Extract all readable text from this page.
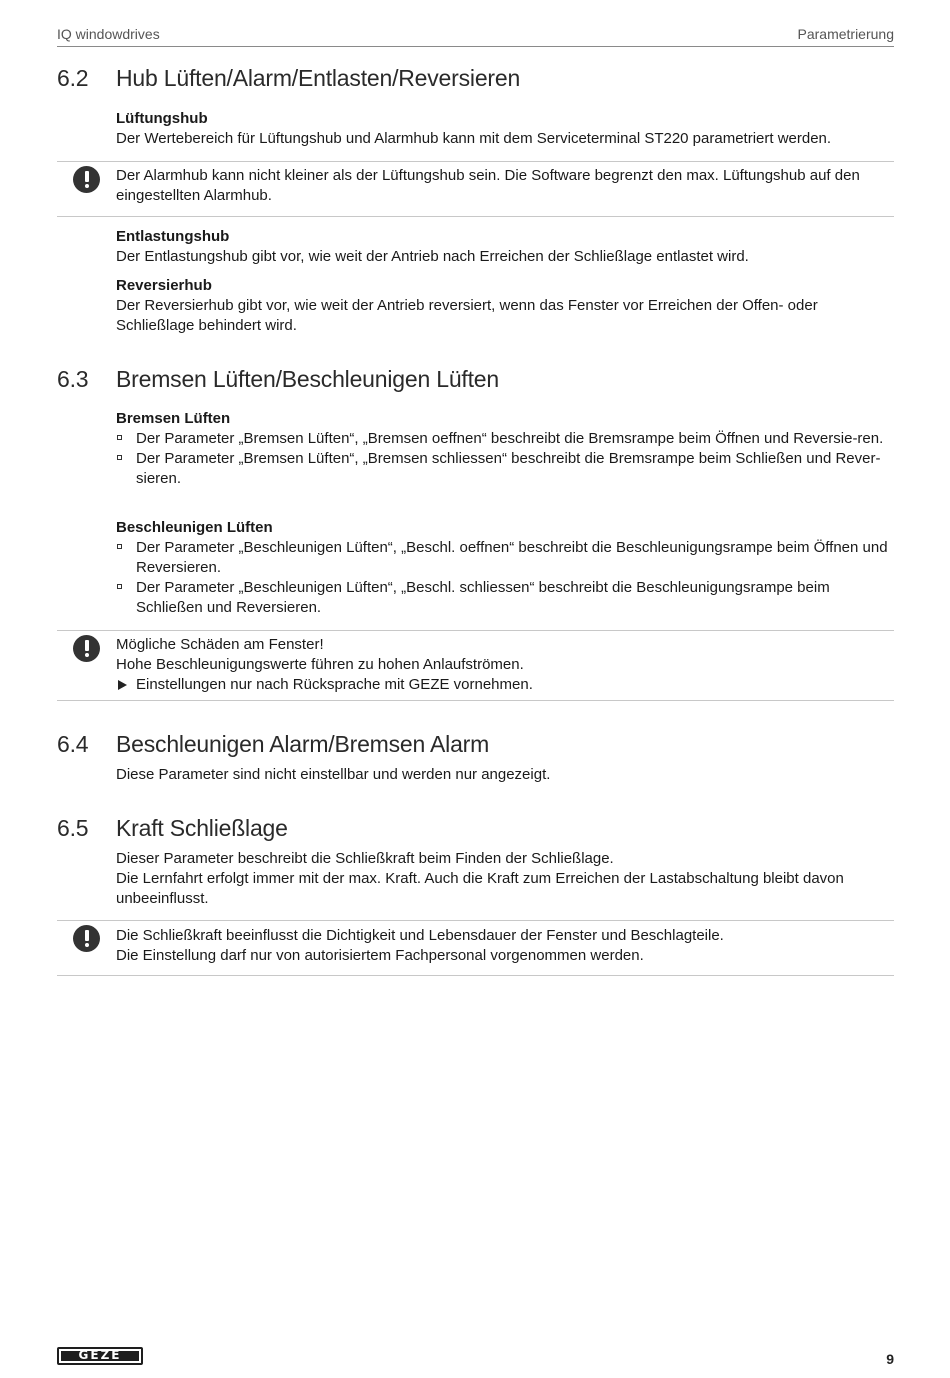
IQ windowdrives	Parametrierung
6.2 Hub Lüften/Alarm/Entlasten/Reversieren

Lüftungshub

Der Wertebereich für Lüftungshub und Alarmhub kann mit dem Serviceterminal ST220 parametriert werden.

Der Alarmhub kann nicht kleiner als der Lüftungshub sein. Die Software begrenzt den max. Lüftungshub auf den eingestellten Alarmhub.

Entlastungshub

Der Entlastungshub gibt vor, wie weit der Antrieb nach Erreichen der Schließlage entlastet wird.

Reversierhub

Der Reversierhub gibt vor, wie weit der Antrieb reversiert, wenn das Fenster vor Erreichen der Offen- oder Schließlage behindert wird.

6.3 Bremsen Lüften/Beschleunigen Lüften

Bremsen Lüften

Der Parameter „Bremsen Lüften“, „Bremsen oeffnen“ beschreibt die Bremsrampe beim Öffnen und Reversie-ren.
Der Parameter „Bremsen Lüften“, „Bremsen schliessen“ beschreibt die Bremsrampe beim Schließen und Rever-sieren.

Beschleunigen Lüften

Der Parameter „Beschleunigen Lüften“, „Beschl. oeffnen“ beschreibt die Beschleunigungsrampe beim Öffnen und Reversieren.
Der Parameter „Beschleunigen Lüften“, „Beschl. schliessen“ beschreibt die Beschleunigungsrampe beim Schließen und Reversieren.

Mögliche Schäden am Fenster!

Hohe Beschleunigungswerte führen zu hohen Anlaufströmen.

Einstellungen nur nach Rücksprache mit GEZE vornehmen.

6.4 Beschleunigen Alarm/Bremsen Alarm

Diese Parameter sind nicht einstellbar und werden nur angezeigt.

6.5 Kraft Schließlage

Dieser Parameter beschreibt die Schließkraft beim Finden der Schließlage.

Die Lernfahrt erfolgt immer mit der max. Kraft. Auch die Kraft zum Erreichen der Lastabschaltung bleibt davon unbeeinflusst.

Die Schließkraft beeinflusst die Dichtigkeit und Lebensdauer der Fenster und Beschlagteile.

Die Einstellung darf nur von autorisiertem Fachpersonal vorgenommen werden.

GEZE	9
